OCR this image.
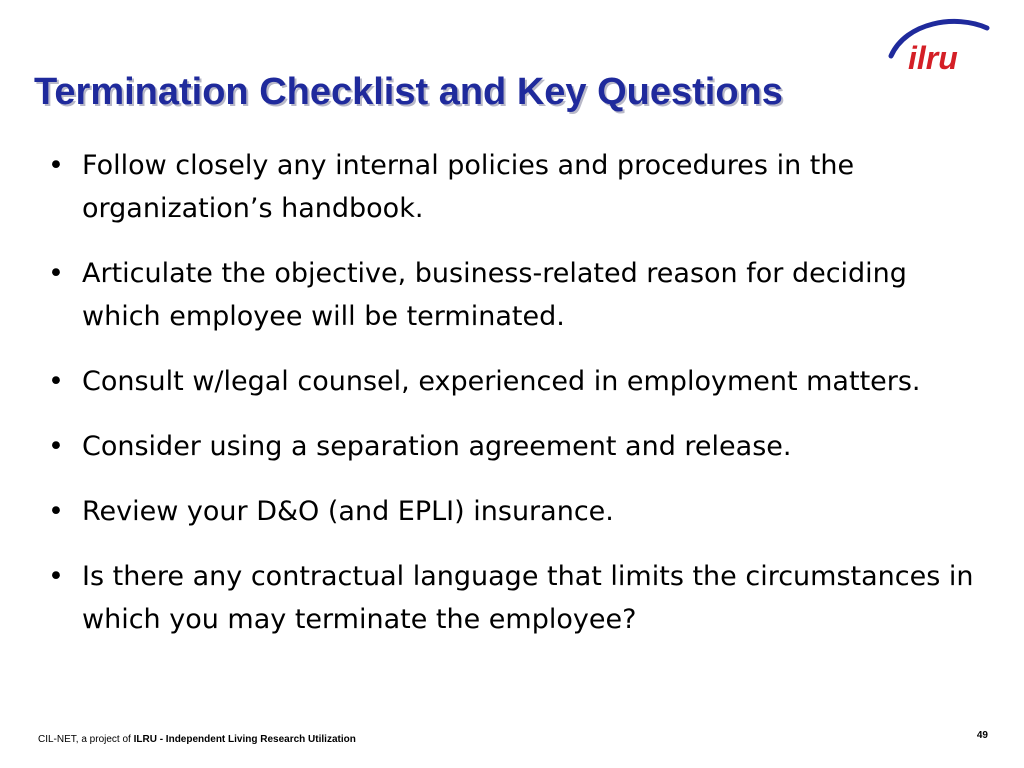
ilru
Termination Checklist and Key Questions
• Follow closely any internal policies and procedures in the organization’s handbook.
• Articulate the objective, business-related reason for deciding which employee will be terminated.
• Consult w/legal counsel, experienced in employment matters.
• Consider using a separation agreement and release.
• Review your D&O (and EPLI) insurance.
• Is there any contractual language that limits the circumstances in which you may terminate the employee?
CIL-NET, a project of ILRU - Independent Living Research Utilization	49
